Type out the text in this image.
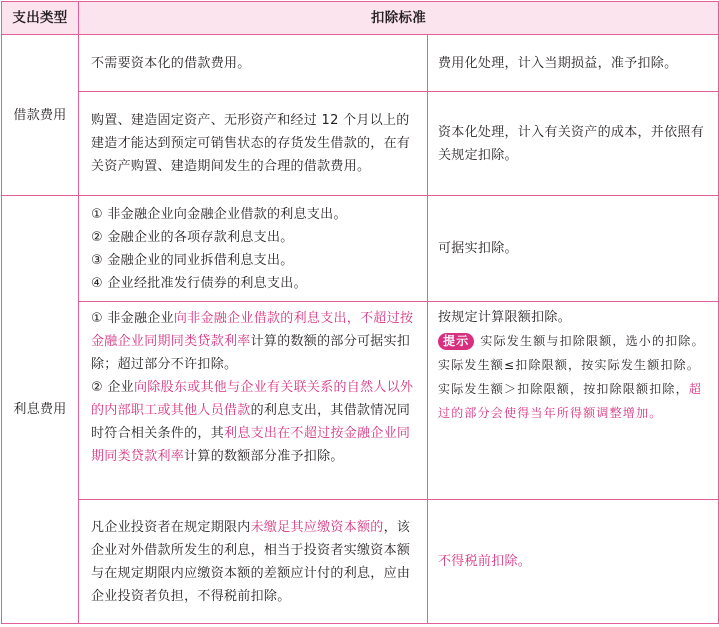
支出类型	扣除标准	
借款费用	不需要资本化的借款费用。	费用化处理，计入当期损益，准予扣除。
	购置、建造固定资产、无形资产和经过 12 个月以上的建造才能达到预定可销售状态的存货发生借款的，在有关资产购置、建造期间发生的合理的借款费用。	资本化处理，计入有关资产的成本，并依照有关规定扣除。
利息费用	① 非金融企业向金融企业借款的利息支出。
② 金融企业的各项存款利息支出。
③ 金融企业的同业拆借利息支出。
④ 企业经批准发行债券的利息支出。	可据实扣除。
	① 非金融企业向非金融企业借款的利息支出，不超过按金融企业同期同类贷款利率计算的数额的部分可据实扣除；超过部分不许扣除。
② 企业向除股东或其他与企业有关联关系的自然人以外的内部职工或其他人员借款的利息支出，其借款情况同时符合相关条件的，其利息支出在不超过按金融企业同期同类贷款利率计算的数额部分准予扣除。	按规定计算限额扣除。
提示 实际发生额与扣除限额，选小的扣除。
实际发生额≤扣除限额，按实际发生额扣除。
实际发生额＞扣除限额，按扣除限额扣除，超过的部分会使得当年所得额调整增加。

	凡企业投资者在规定期限内未缴足其应缴资本额的，该企业对外借款所发生的利息，相当于投资者实缴资本额与在规定期限内应缴资本额的差额应计付的利息，应由企业投资者负担，不得税前扣除。	不得税前扣除。
